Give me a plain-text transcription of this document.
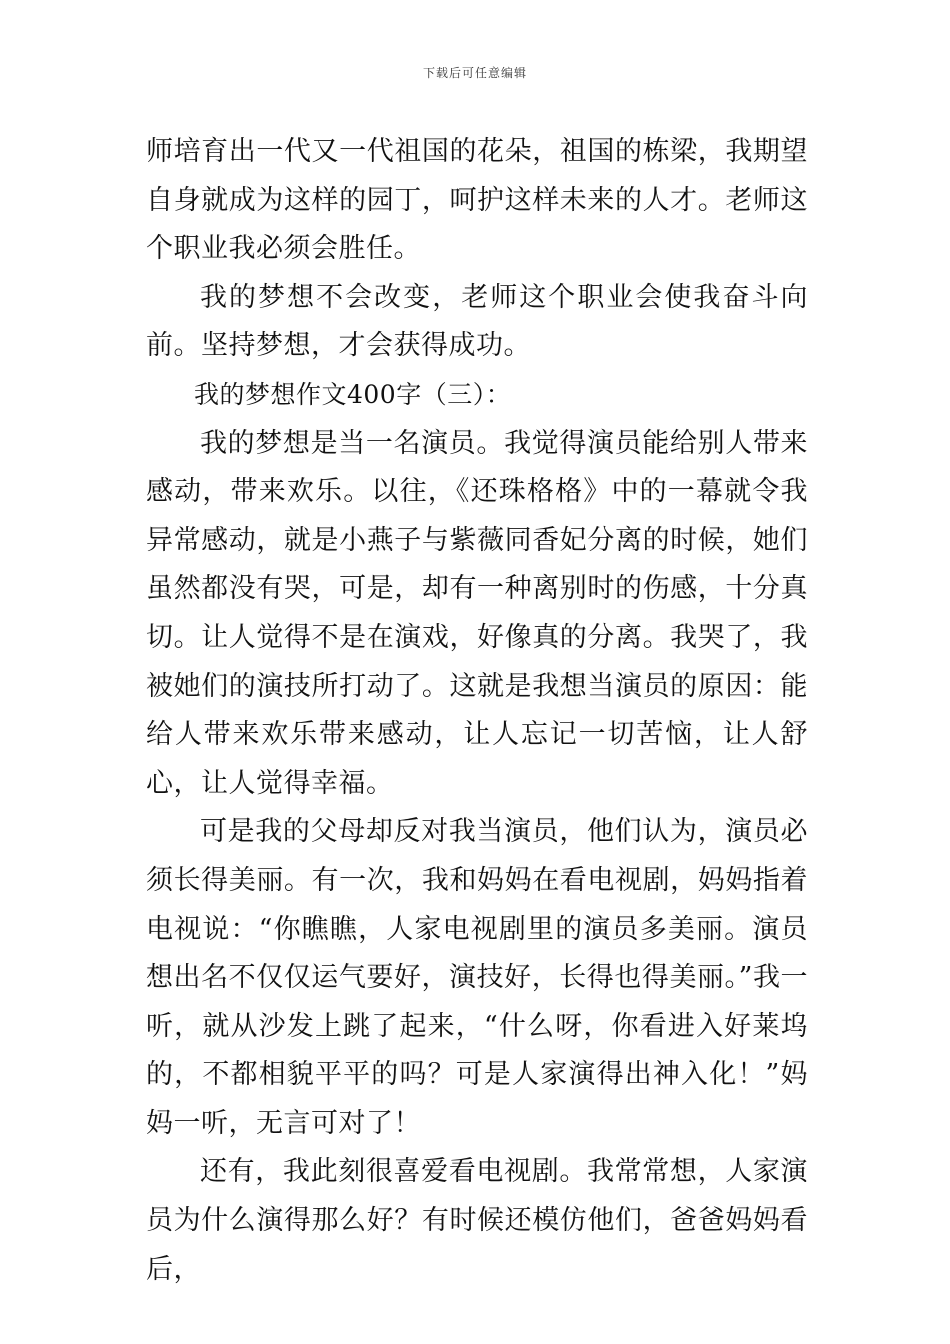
下载后可任意编辑

师培育出一代又一代祖国的花朵，祖国的栋梁，我期望自身就成为这样的园丁，呵护这样未来的人才。老师这个职业我必须会胜任。

我的梦想不会改变，老师这个职业会使我奋斗向前。坚持梦想，才会获得成功。

我的梦想作文400字（三）：

我的梦想是当一名演员。我觉得演员能给别人带来感动，带来欢乐。以往，《还珠格格》中的一幕就令我异常感动，就是小燕子与紫薇同香妃分离的时候，她们虽然都没有哭，可是，却有一种离别时的伤感，十分真切。让人觉得不是在演戏，好像真的分离。我哭了，我被她们的演技所打动了。这就是我想当演员的原因：能给人带来欢乐带来感动，让人忘记一切苦恼，让人舒心，让人觉得幸福。

可是我的父母却反对我当演员，他们认为，演员必须长得美丽。有一次，我和妈妈在看电视剧，妈妈指着电视说：“你瞧瞧，人家电视剧里的演员多美丽。演员想出名不仅仅运气要好，演技好，长得也得美丽。”我一听，就从沙发上跳了起来，“什么呀，你看进入好莱坞的，不都相貌平平的吗？可是人家演得出神入化！”妈妈一听，无言可对了！

还有，我此刻很喜爱看电视剧。我常常想，人家演员为什么演得那么好？有时候还模仿他们，爸爸妈妈看后，
